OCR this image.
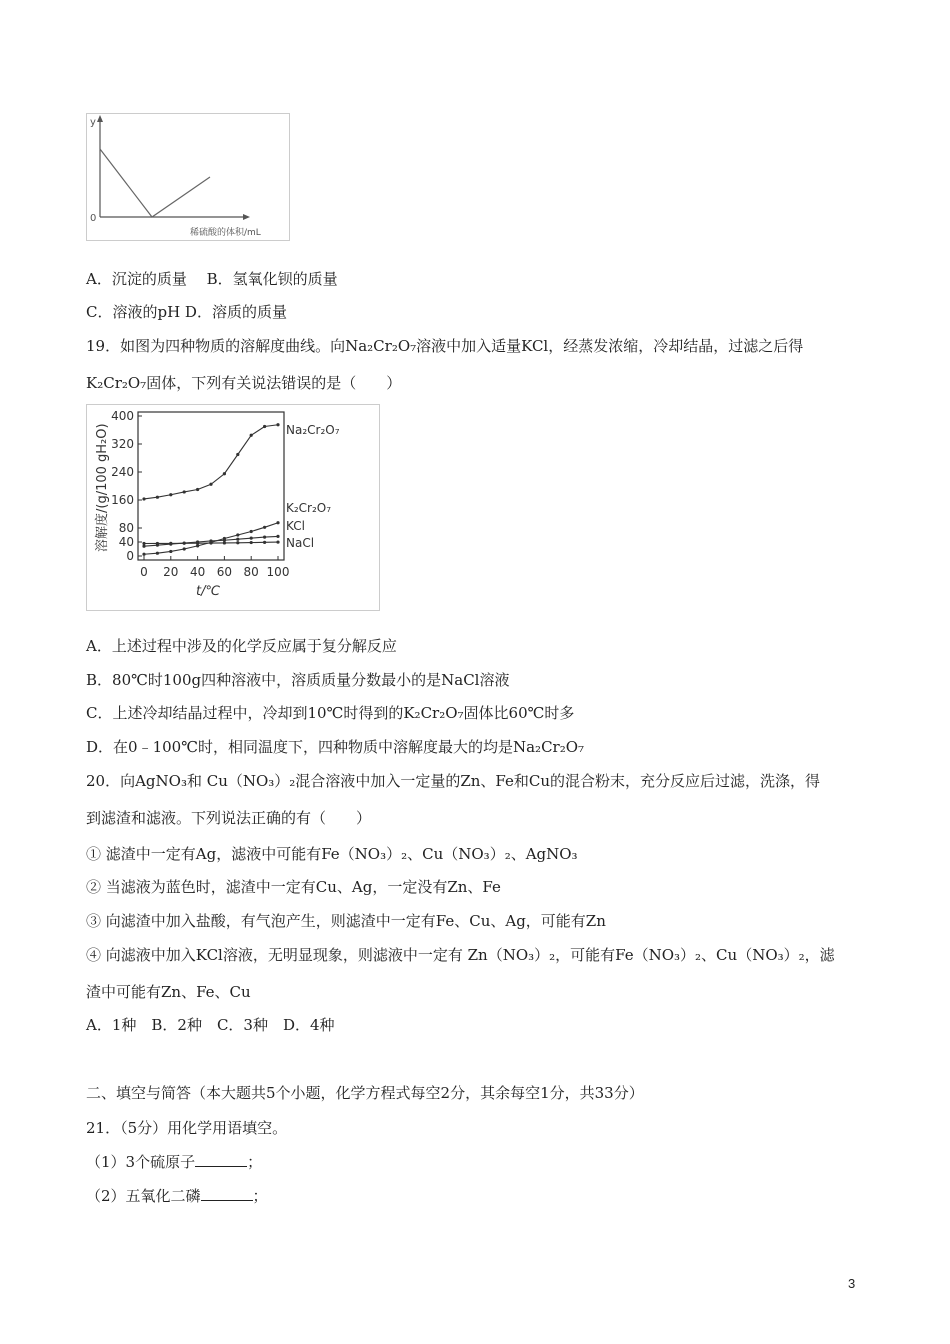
y
0
稀硫酸的体积/mL
A．沉淀的质量　 B．氢氧化钡的质量
C．溶液的pH D．溶质的质量
19．如图为四种物质的溶解度曲线。向Na₂Cr₂O₇溶液中加入适量KCl，经蒸发浓缩，冷却结晶，过滤之后得
K₂Cr₂O₇固体，下列有关说法错误的是（　　）
0
40
80
160
240
320
400
0 20 40 60 80 100
Na₂Cr₂O₇
K₂Cr₂O₇
KCl
NaCl
溶解度/(g/100 gH₂O)
t/℃
A．上述过程中涉及的化学反应属于复分解反应
B．80℃时100g四种溶液中，溶质质量分数最小的是NaCl溶液
C．上述冷却结晶过程中，冷却到10℃时得到的K₂Cr₂O₇固体比60℃时多
D．在0﹣100℃时，相同温度下，四种物质中溶解度最大的均是Na₂Cr₂O₇
20．向AgNO₃和 Cu（NO₃）₂混合溶液中加入一定量的Zn、Fe和Cu的混合粉末，充分反应后过滤，洗涤，得
到滤渣和滤液。下列说法正确的有（　　）
① 滤渣中一定有Ag，滤液中可能有Fe（NO₃）₂、Cu（NO₃）₂、AgNO₃
② 当滤液为蓝色时，滤渣中一定有Cu、Ag，一定没有Zn、Fe
③ 向滤渣中加入盐酸，有气泡产生，则滤渣中一定有Fe、Cu、Ag，可能有Zn
④ 向滤液中加入KCl溶液，无明显现象，则滤液中一定有 Zn（NO₃）₂，可能有Fe（NO₃）₂、Cu（NO₃）₂，滤
渣中可能有Zn、Fe、Cu
A．1种　B．2种　C．3种　D．4种
二、填空与简答（本大题共5个小题，化学方程式每空2分，其余每空1分，共33分）
21．（5分）用化学用语填空。
（1）3个硫原子	；
（2）五氧化二磷	；
3
